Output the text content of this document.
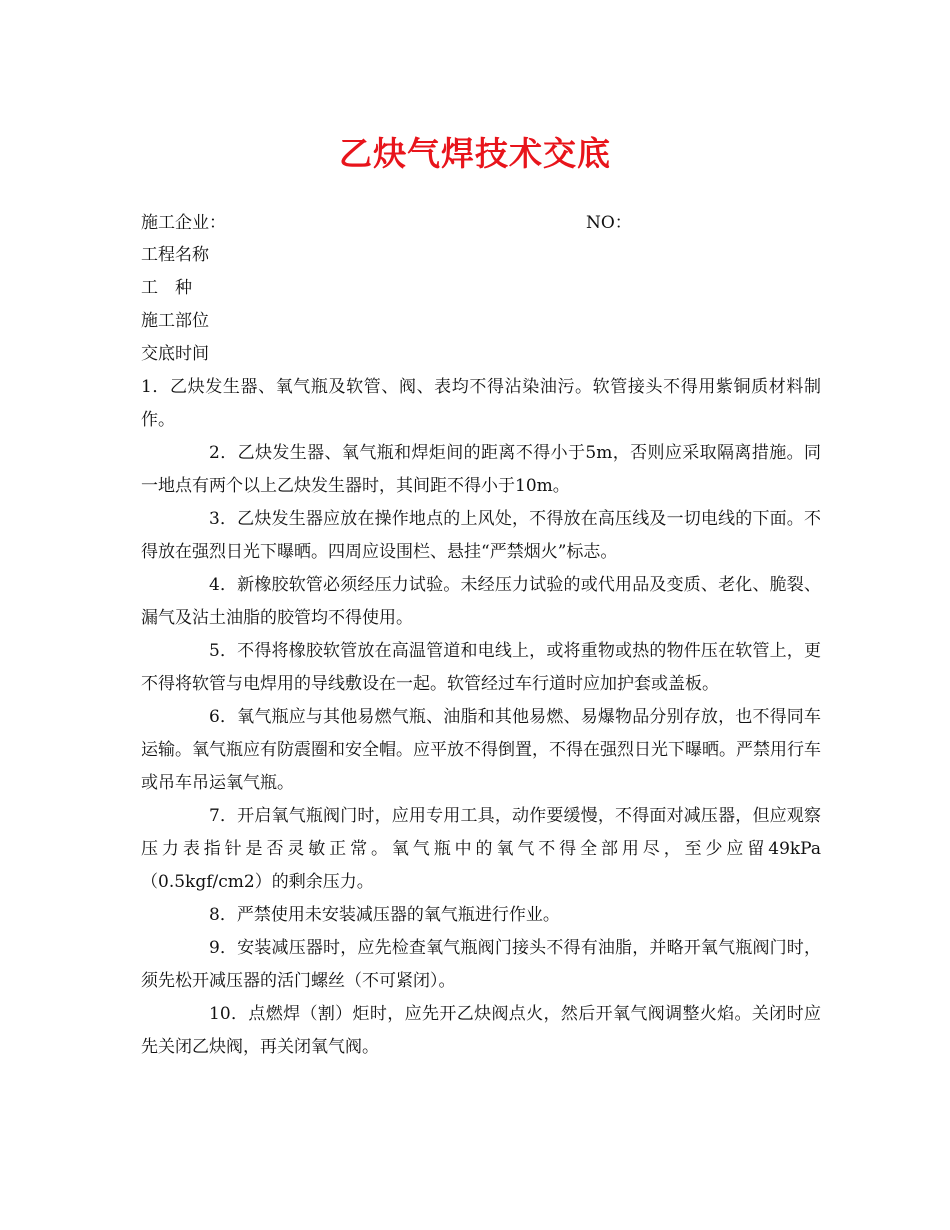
乙炔气焊技术交底
施工企业：	NO：
工程名称
工　种
施工部位
交底时间

1．乙炔发生器、氧气瓶及软管、阀、表均不得沾染油污。软管接头不得用紫铜质材料制作。

2．乙炔发生器、氧气瓶和焊炬间的距离不得小于5m，否则应采取隔离措施。同一地点有两个以上乙炔发生器时，其间距不得小于10m。

3．乙炔发生器应放在操作地点的上风处，不得放在高压线及一切电线的下面。不得放在强烈日光下曝晒。四周应设围栏、悬挂“严禁烟火”标志。

4．新橡胶软管必须经压力试验。未经压力试验的或代用品及变质、老化、脆裂、漏气及沾土油脂的胶管均不得使用。

5．不得将橡胶软管放在高温管道和电线上，或将重物或热的物件压在软管上，更不得将软管与电焊用的导线敷设在一起。软管经过车行道时应加护套或盖板。

6．氧气瓶应与其他易燃气瓶、油脂和其他易燃、易爆物品分别存放，也不得同车运输。氧气瓶应有防震圈和安全帽。应平放不得倒置，不得在强烈日光下曝晒。严禁用行车或吊车吊运氧气瓶。

7．开启氧气瓶阀门时，应用专用工具，动作要缓慢，不得面对减压器，但应观察压力表指针是否灵敏正常。氧气瓶中的氧气不得全部用尽，至少应留49kPa（0.5kgf/cm2）的剩余压力。

8．严禁使用未安装减压器的氧气瓶进行作业。

9．安装减压器时，应先检查氧气瓶阀门接头不得有油脂，并略开氧气瓶阀门时，须先松开减压器的活门螺丝（不可紧闭）。

10．点燃焊（割）炬时，应先开乙炔阀点火，然后开氧气阀调整火焰。关闭时应先关闭乙炔阀，再关闭氧气阀。
